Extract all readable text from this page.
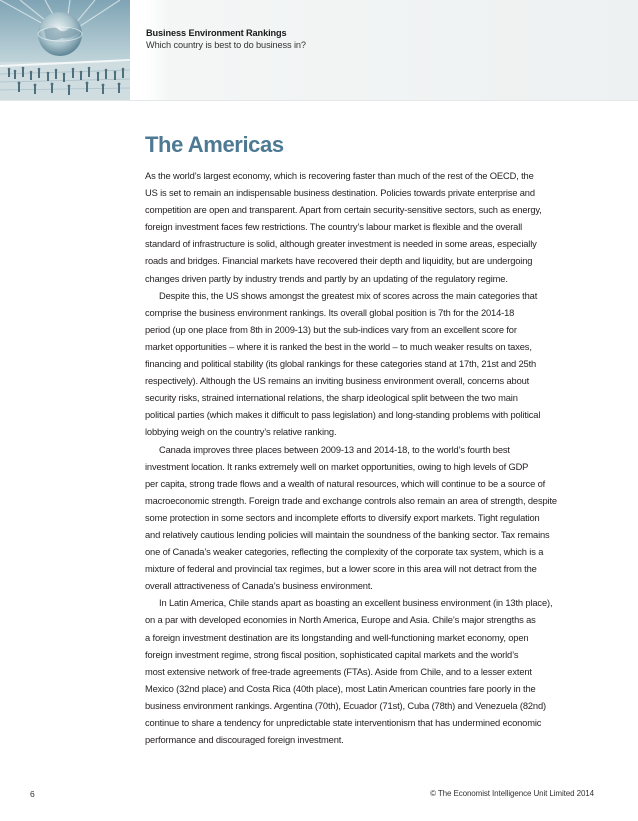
Business Environment Rankings

Which country is best to do business in?

The Americas
As the world’s largest economy, which is recovering faster than much of the rest of the OECD, the
US is set to remain an indispensable business destination. Policies towards private enterprise and
competition are open and transparent. Apart from certain security-sensitive sectors, such as energy,
foreign investment faces few restrictions. The country’s labour market is flexible and the overall
standard of infrastructure is solid, although greater investment is needed in some areas, especially
roads and bridges. Financial markets have recovered their depth and liquidity, but are undergoing
changes driven partly by industry trends and partly by an updating of the regulatory regime.
Despite this, the US shows amongst the greatest mix of scores across the main categories that
comprise the business environment rankings. Its overall global position is 7th for the 2014-18
period (up one place from 8th in 2009-13) but the sub-indices vary from an excellent score for
market opportunities – where it is ranked the best in the world – to much weaker results on taxes,
financing and political stability (its global rankings for these categories stand at 17th, 21st and 25th
respectively). Although the US remains an inviting business environment overall, concerns about
security risks, strained international relations, the sharp ideological split between the two main
political parties (which makes it difficult to pass legislation) and long-standing problems with political
lobbying weigh on the country’s relative ranking.
Canada improves three places between 2009-13 and 2014-18, to the world’s fourth best
investment location. It ranks extremely well on market opportunities, owing to high levels of GDP
per capita, strong trade flows and a wealth of natural resources, which will continue to be a source of
macroeconomic strength. Foreign trade and exchange controls also remain an area of strength, despite
some protection in some sectors and incomplete efforts to diversify export markets. Tight regulation
and relatively cautious lending policies will maintain the soundness of the banking sector. Tax remains
one of Canada’s weaker categories, reflecting the complexity of the corporate tax system, which is a
mixture of federal and provincial tax regimes, but a lower score in this area will not detract from the
overall attractiveness of Canada’s business environment.
In Latin America, Chile stands apart as boasting an excellent business environment (in 13th place),
on a par with developed economies in North America, Europe and Asia. Chile’s major strengths as
a foreign investment destination are its longstanding and well-functioning market economy, open
foreign investment regime, strong fiscal position, sophisticated capital markets and the world’s
most extensive network of free-trade agreements (FTAs). Aside from Chile, and to a lesser extent
Mexico (32nd place) and Costa Rica (40th place), most Latin American countries fare poorly in the
business environment rankings. Argentina (70th), Ecuador (71st), Cuba (78th) and Venezuela (82nd)
continue to share a tendency for unpredictable state interventionism that has undermined economic
performance and discouraged foreign investment.
6	© The Economist Intelligence Unit Limited 2014
